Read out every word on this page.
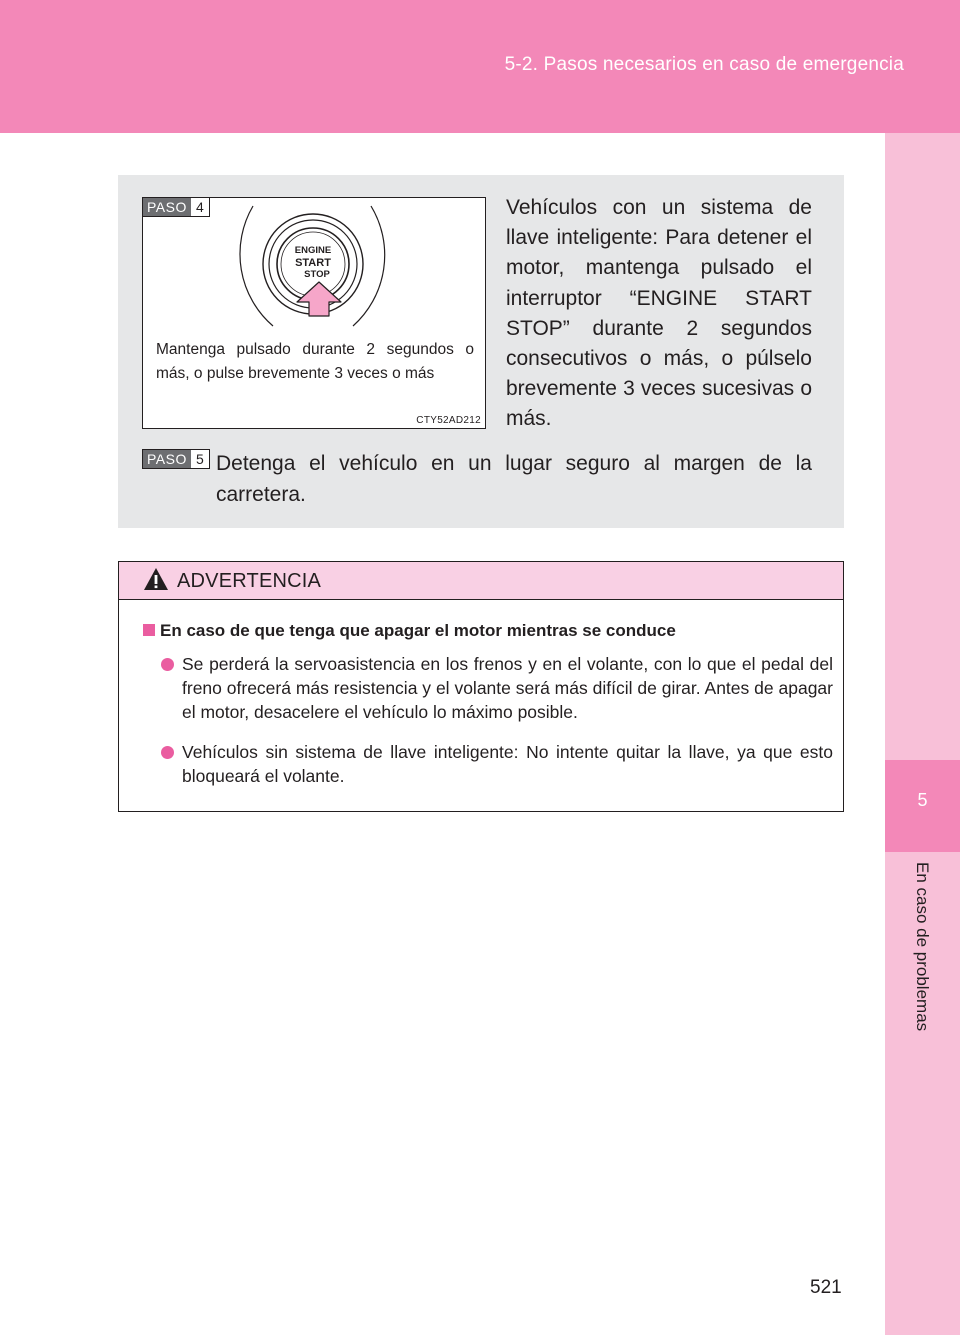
5-2. Pasos necesarios en caso de emergencia
5
En caso de problemas
ENGINE
START
STOP
PASO 4
Mantenga pulsado durante 2 segundos o más, o pulse brevemente 3 veces o más
CTY52AD212
Vehículos con un sistema de llave inteligente: Para detener el motor, mantenga pulsado el interruptor “ENGINE START STOP” durante 2 segundos consecutivos o más, o púlselo brevemente 3 veces sucesivas o más.
PASO 5 Detenga el vehículo en un lugar seguro al margen de la carretera.
ADVERTENCIA
En caso de que tenga que apagar el motor mientras se conduce
Se perderá la servoasistencia en los frenos y en el volante, con lo que el pedal del freno ofrecerá más resistencia y el volante será más difícil de girar. Antes de apagar el motor, desacelere el vehículo lo máximo posible.
Vehículos sin sistema de llave inteligente: No intente quitar la llave, ya que esto bloqueará el volante.
521
